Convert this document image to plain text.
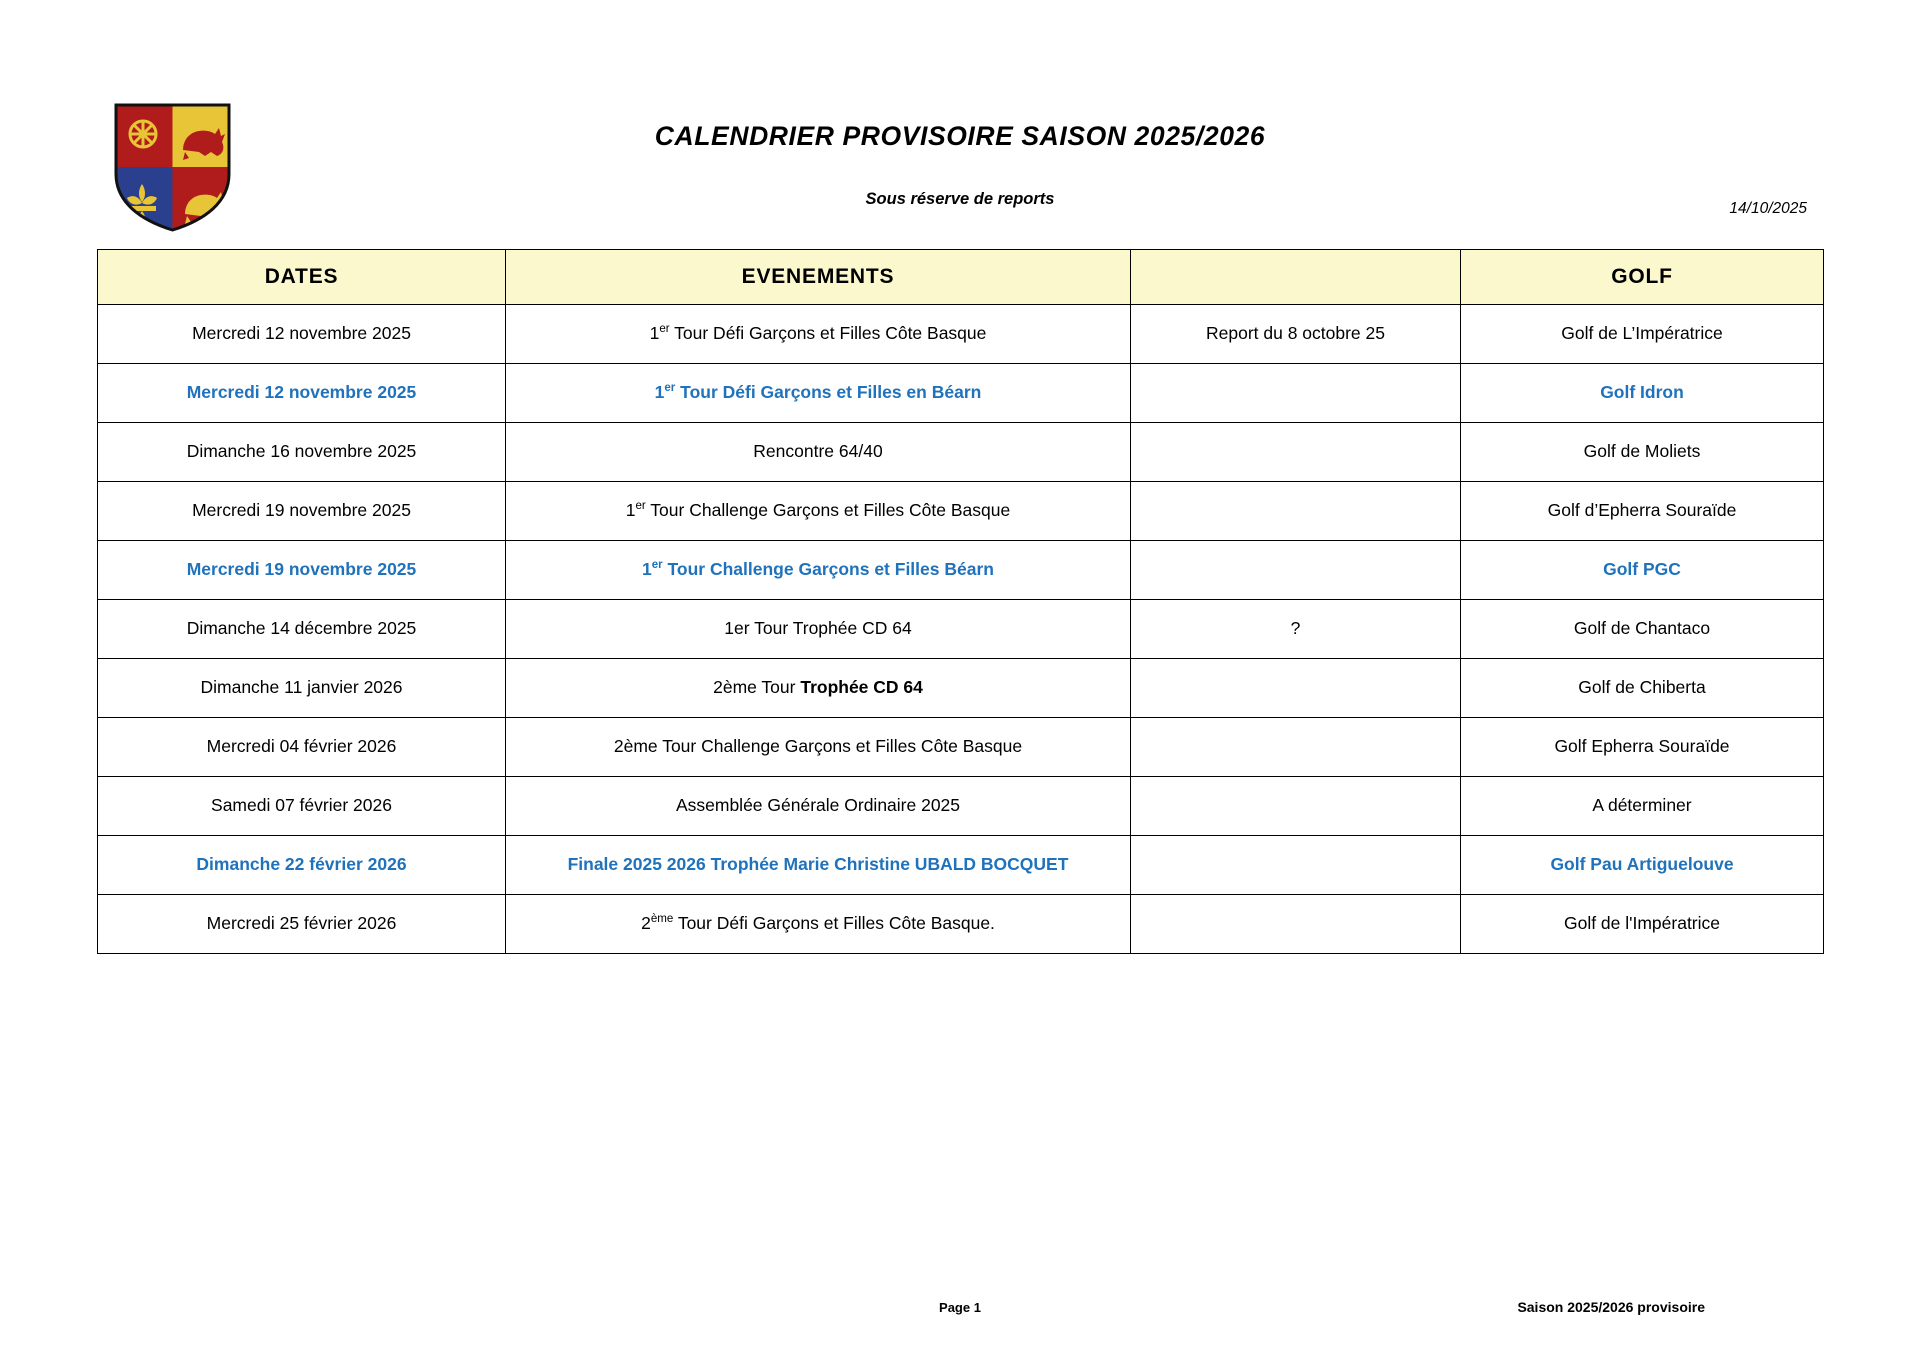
CALENDRIER PROVISOIRE SAISON 2025/2026
Sous réserve de reports
14/10/2025
DATES	EVENEMENTS		GOLF

Mercredi 12 novembre 2025	1er Tour Défi Garçons et Filles Côte Basque	Report du 8 octobre 25	Golf de L’Impératrice

Mercredi 12 novembre 2025	1er Tour Défi Garçons et Filles en Béarn		Golf Idron

Dimanche 16 novembre 2025	Rencontre 64/40		Golf de Moliets

Mercredi 19 novembre 2025	1er Tour Challenge Garçons et Filles Côte Basque		Golf d’Epherra Souraïde

Mercredi 19 novembre 2025	1er Tour Challenge Garçons et Filles Béarn		Golf PGC

Dimanche 14 décembre 2025	1er Tour Trophée CD 64	?	Golf de Chantaco

Dimanche 11 janvier 2026	2ème Tour Trophée CD 64		Golf de Chiberta

Mercredi 04 février 2026	2ème Tour Challenge Garçons et Filles Côte Basque		Golf Epherra Souraïde

Samedi 07 février 2026	Assemblée Générale Ordinaire 2025		A déterminer

Dimanche 22 février 2026	Finale 2025 2026 Trophée Marie Christine UBALD BOCQUET		Golf Pau Artiguelouve

Mercredi 25 février 2026	2ème Tour Défi Garçons et Filles Côte Basque.		Golf de l'Impératrice
Page 1	Saison 2025/2026 provisoire
